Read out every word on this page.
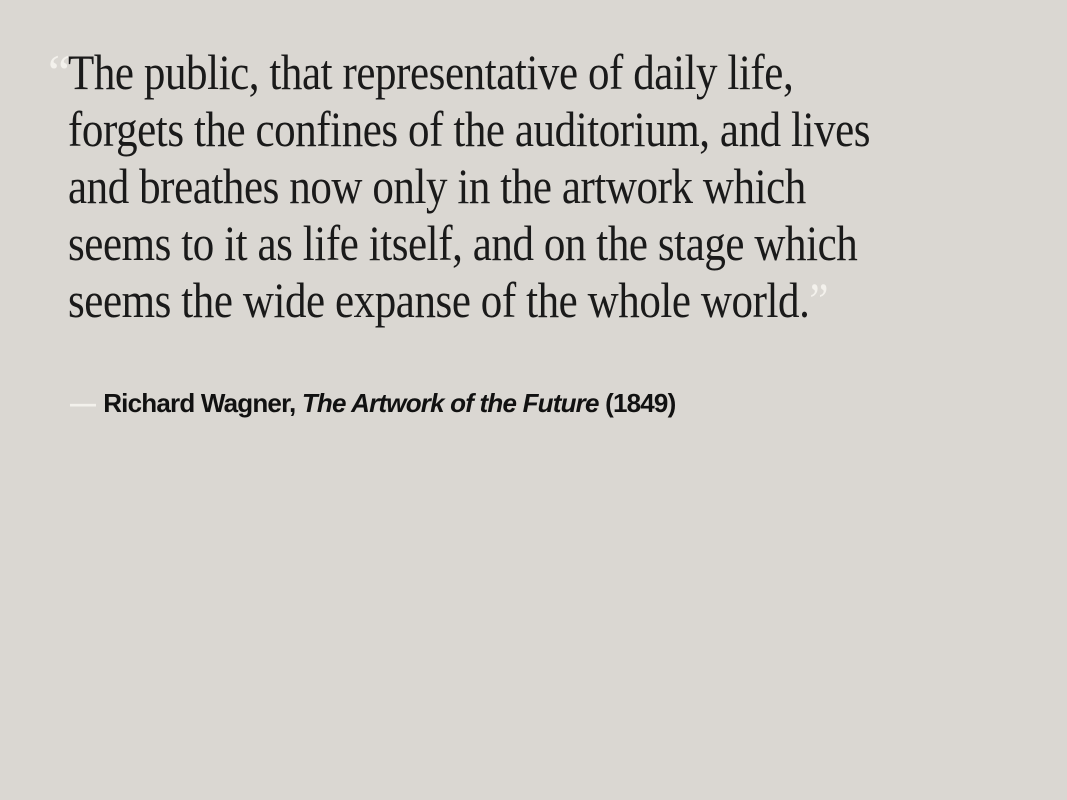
“
The public, that representative of daily life,
forgets the confines of the auditorium, and lives
and breathes now only in the artwork which
seems to it as life itself, and on the stage which
seems the wide expanse of the whole world.”
— Richard Wagner, The Artwork of the Future (1849)
